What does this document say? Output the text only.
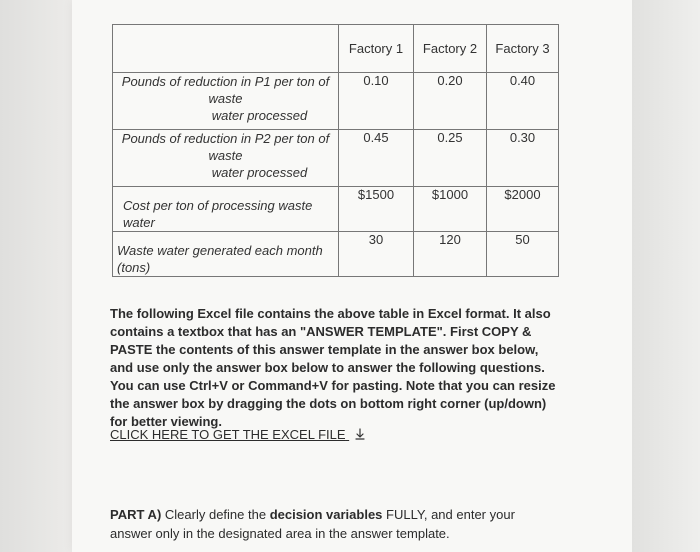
	Factory 1	Factory 2	Factory 3
Pounds of reduction in P1 per ton of waste
water processed	0.10	0.20	0.40
Pounds of reduction in P2 per ton of waste
water processed	0.45	0.25	0.30
Cost per ton of processing waste water	$1500	$1000	$2000
Waste water generated each month (tons)	30	120	50
The following Excel file contains the above table in Excel format. It also contains a textbox that has an "ANSWER TEMPLATE". First COPY & PASTE the contents of this answer template in the answer box below, and use only the answer box below to answer the following questions. You can use Ctrl+V or Command+V for pasting. Note that you can resize the answer box by dragging the dots on bottom right corner (up/down) for better viewing.
CLICK HERE TO GET THE EXCEL FILE
PART A) Clearly define the decision variables FULLY, and enter your answer only in the designated area in the answer template.
